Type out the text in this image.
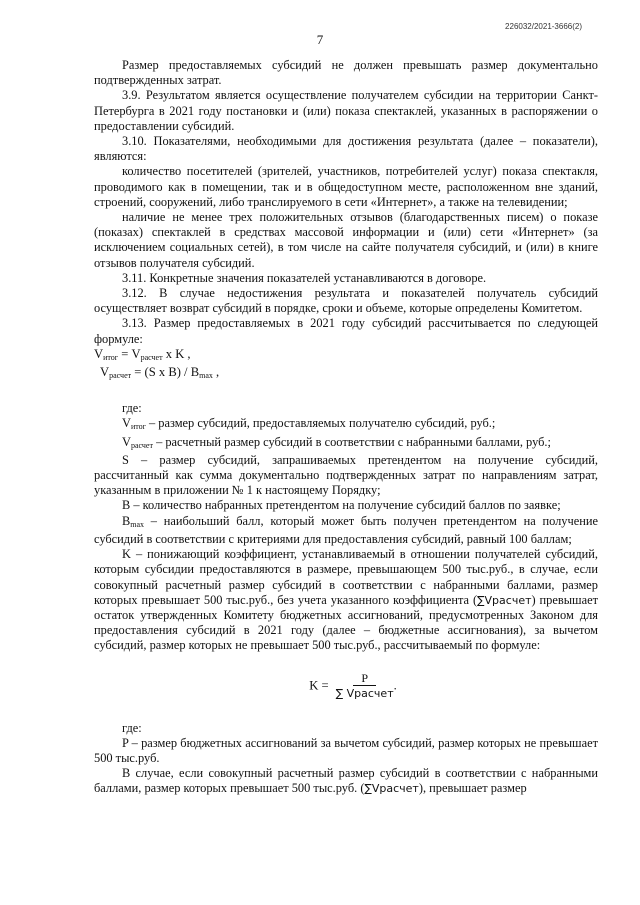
226032/2021-3666(2)
7

Размер предоставляемых субсидий не должен превышать размер документально подтвержденных затрат.

3.9. Результатом является осуществление получателем субсидии на территории Санкт-Петербурга в 2021 году постановки и (или) показа спектаклей, указанных в распоряжении о предоставлении субсидий.

3.10. Показателями, необходимыми для достижения результата (далее – показатели), являются:

количество посетителей (зрителей, участников, потребителей услуг) показа спектакля, проводимого как в помещении, так и в общедоступном месте, расположенном вне зданий, строений, сооружений, либо транслируемого в сети «Интернет», а также на телевидении;

наличие не менее трех положительных отзывов (благодарственных писем) о показе (показах) спектаклей в средствах массовой информации и (или) сети «Интернет» (за исключением социальных сетей), в том числе на сайте получателя субсидий, и (или) в книге отзывов получателя субсидий.

3.11. Конкретные значения показателей устанавливаются в договоре.

3.12. В случае недостижения результата и показателей получатель субсидий осуществляет возврат субсидий в порядке, сроки и объеме, которые определены Комитетом.

3.13. Размер предоставляемых в 2021 году субсидий рассчитывается по следующей формуле:

$V_{итог} = V_{расчет}$ x K ,

$V_{расчет} = (S$ x $B) / B_{max}$ ,

где:

$V_{итог}$ – размер субсидий, предоставляемых получателю субсидий, руб.;

$V_{расчет}$ – расчетный размер субсидий в соответствии с набранными баллами, руб.;

S – размер субсидий, запрашиваемых претендентом на получение субсидий, рассчитанный как сумма документально подтвержденных затрат по направлениям затрат, указанным в приложении № 1 к настоящему Порядку;

B – количество набранных претендентом на получение субсидий баллов по заявке;

$B_{max}$ – наибольший балл, который может быть получен претендентом на получение субсидий в соответствии с критериями для предоставления субсидий, равный 100 баллам;

K – понижающий коэффициент, устанавливаемый в отношении получателей субсидий, которым субсидии предоставляются в размере, превышающем 500 тыс.руб., в случае, если совокупный расчетный размер субсидий в соответствии с набранными баллами, размер которых превышает 500 тыс.руб., без учета указанного коэффициента (∑Vрасчет) превышает остаток утвержденных Комитету бюджетных ассигнований, предусмотренных Законом для предоставления субсидий в 2021 году (далее – бюджетные ассигнования), за вычетом субсидий, размер которых не превышает 500 тыс.руб., рассчитываемый по формуле:

$K = \frac{P}{\text{∑ Vрасчет}}$ .

где:

P – размер бюджетных ассигнований за вычетом субсидий, размер которых не превышает 500 тыс.руб.

В случае, если совокупный расчетный размер субсидий в соответствии с набранными баллами, размер которых превышает 500 тыс.руб. (∑Vрасчет), превышает размер
